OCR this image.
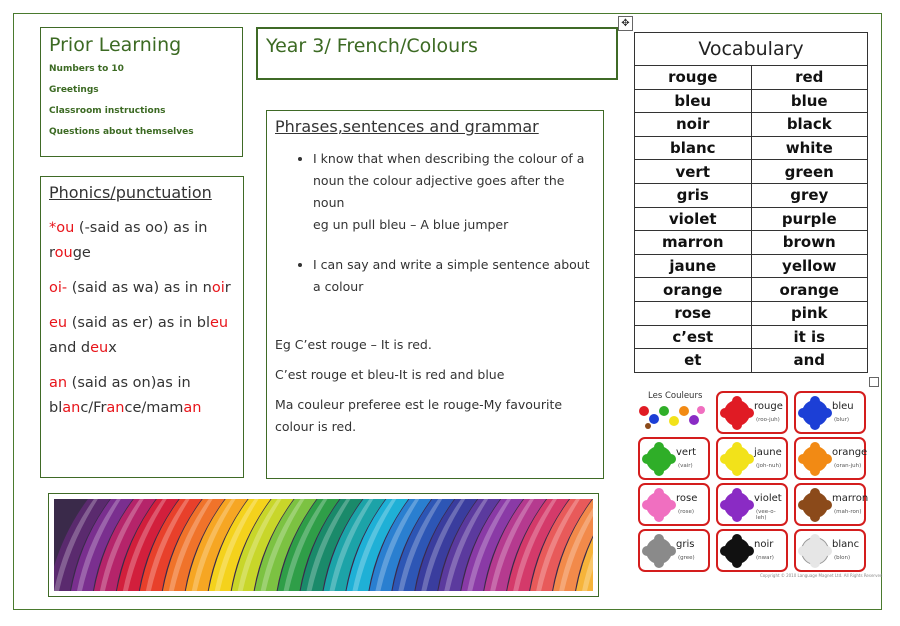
✥
Prior Learning
Numbers to 10
Greetings
Classroom instructions
Questions about themselves
Year 3/ French/Colours
Phonics/punctuation
*ou (-said as oo) as in rouge
oi- (said as wa) as in noir
eu (said as er) as in bleu and deux
an (said as on)as in blanc/France/maman
Phrases,sentences and grammar
• I know that when describing the colour of a noun the colour adjective goes after the noun
eg un pull bleu – A blue jumper
• I can say and write a simple sentence about a colour

Eg C’est rouge – It is red.

C’est rouge et bleu-It is red and blue

Ma couleur preferee est le rouge-My favourite colour is red.

Vocabulary	
rouge	red
bleu	blue
noir	black
blanc	white
vert	green
gris	grey
violet	purple
marron	brown
jaune	yellow
orange	orange
rose	pink
c’est	it is
et	and
Les Couleurs
rouge
(roo-juh)
bleu
(blur)
vert
(vair)
jaune
(joh-nuh)
orange
(oran-juh)
rose
(rose)
violet
(vee-o-leh)
marron
(mah-ron)
gris
(gree)
noir
(nwar)
blanc
(blon)
Copyright © 2010 Language Magnet Ltd. All Rights Reserved
